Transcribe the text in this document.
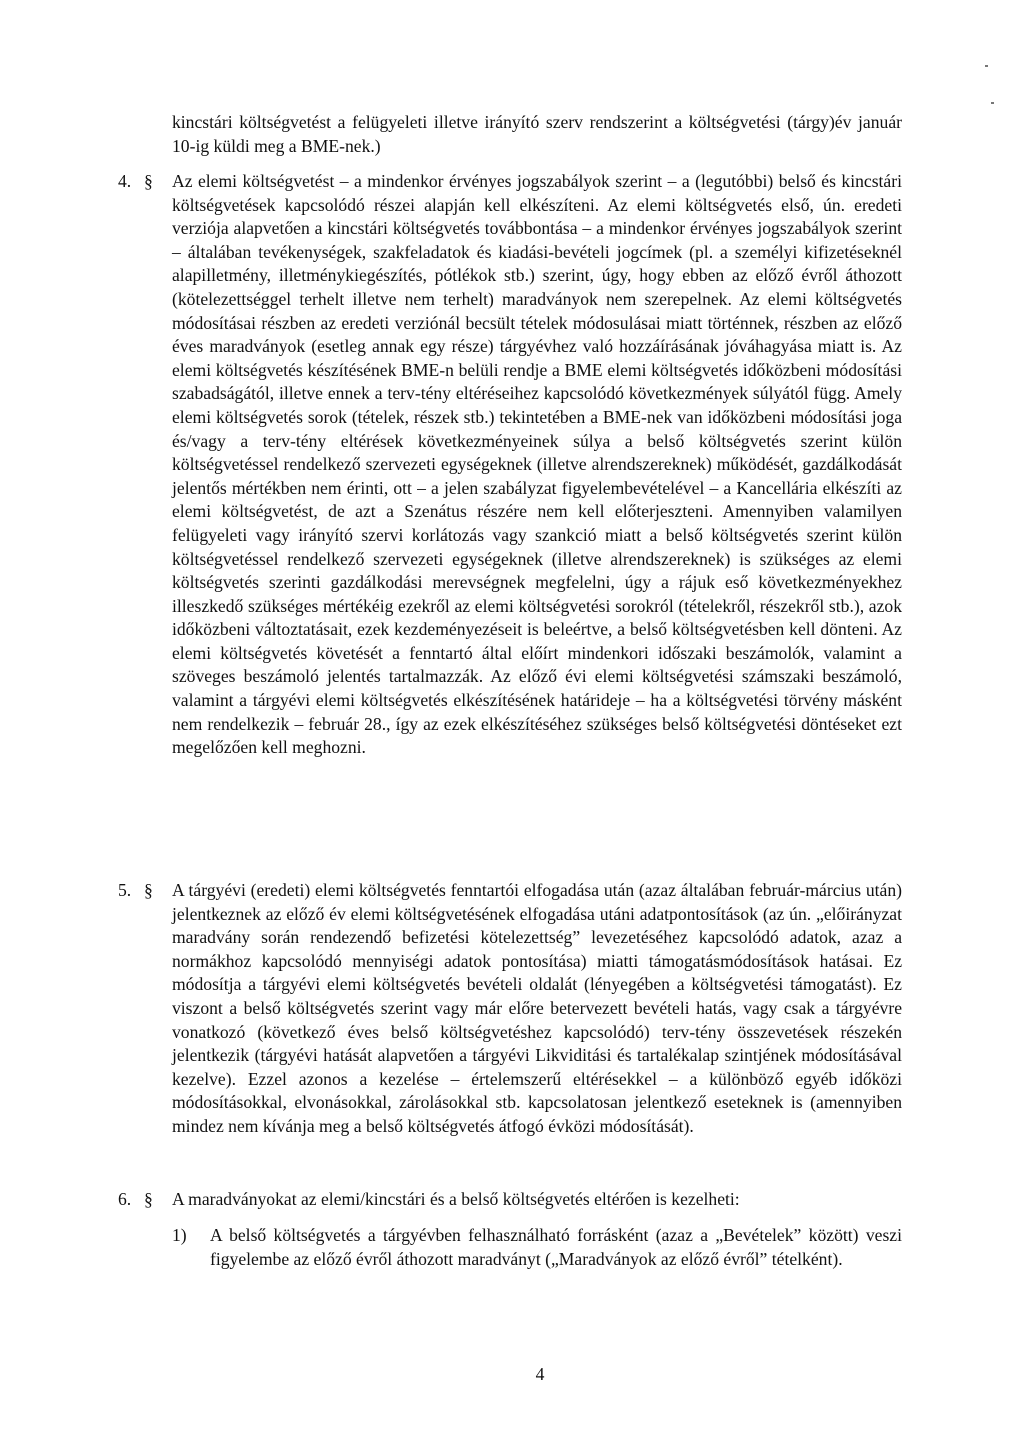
kincstári költségvetést a felügyeleti illetve irányító szerv rendszerint a költségvetési (tárgy)év január 10-ig küldi meg a BME-nek.)
4. § Az elemi költségvetést – a mindenkor érvényes jogszabályok szerint – a (legutóbbi) belső és kincstári költségvetések kapcsolódó részei alapján kell elkészíteni. Az elemi költségvetés első, ún. eredeti verziója alapvetően a kincstári költségvetés továbbontása – a mindenkor érvényes jogszabályok szerint – általában tevékenységek, szakfeladatok és kiadási-bevételi jogcímek (pl. a személyi kifizetéseknél alapilletmény, illetménykiegészítés, pótlékok stb.) szerint, úgy, hogy ebben az előző évről áthozott (kötelezettséggel terhelt illetve nem terhelt) maradványok nem szerepelnek. Az elemi költségvetés módosításai részben az eredeti verziónál becsült tételek módosulásai miatt történnek, részben az előző éves maradványok (esetleg annak egy része) tárgyévhez való hozzáírásának jóváhagyása miatt is. Az elemi költségvetés készítésének BME-n belüli rendje a BME elemi költségvetés időközbeni módosítási szabadságától, illetve ennek a terv-tény eltéréseihez kapcsolódó következmények súlyától függ. Amely elemi költségvetés sorok (tételek, részek stb.) tekintetében a BME-nek van időközbeni módosítási joga és/vagy a terv-tény eltérések következményeinek súlya a belső költségvetés szerint külön költségvetéssel rendelkező szervezeti egységeknek (illetve alrendszereknek) működését, gazdálkodását jelentős mértékben nem érinti, ott – a jelen szabályzat figyelembevételével – a Kancellária elkészíti az elemi költségvetést, de azt a Szenátus részére nem kell előterjeszteni. Amennyiben valamilyen felügyeleti vagy irányító szervi korlátozás vagy szankció miatt a belső költségvetés szerint külön költségvetéssel rendelkező szervezeti egységeknek (illetve alrendszereknek) is szükséges az elemi költségvetés szerinti gazdálkodási merevségnek megfelelni, úgy a rájuk eső következményekhez illeszkedő szükséges mértékéig ezekről az elemi költségvetési sorokról (tételekről, részekről stb.), azok időközbeni változtatásait, ezek kezdeményezéseit is beleértve, a belső költségvetésben kell dönteni. Az elemi költségvetés követését a fenntartó által előírt mindenkori időszaki beszámolók, valamint a szöveges beszámoló jelentés tartalmazzák. Az előző évi elemi költségvetési számszaki beszámoló, valamint a tárgyévi elemi költségvetés elkészítésének határideje – ha a költségvetési törvény másként nem rendelkezik – február 28., így az ezek elkészítéséhez szükséges belső költségvetési döntéseket ezt megelőzően kell meghozni.
5. § A tárgyévi (eredeti) elemi költségvetés fenntartói elfogadása után (azaz általában február-március után) jelentkeznek az előző év elemi költségvetésének elfogadása utáni adatpontosítások (az ún. „előirányzat maradvány során rendezendő befizetési kötelezettség” levezetéséhez kapcsolódó adatok, azaz a normákhoz kapcsolódó mennyiségi adatok pontosítása) miatti támogatásmódosítások hatásai. Ez módosítja a tárgyévi elemi költségvetés bevételi oldalát (lényegében a költségvetési támogatást). Ez viszont a belső költségvetés szerint vagy már előre betervezett bevételi hatás, vagy csak a tárgyévre vonatkozó (következő éves belső költségvetéshez kapcsolódó) terv-tény összevetések részekén jelentkezik (tárgyévi hatását alapvetően a tárgyévi Likviditási és tartalékalap szintjének módosításával kezelve). Ezzel azonos a kezelése – értelemszerű eltérésekkel – a különböző egyéb időközi módosításokkal, elvonásokkal, zárolásokkal stb. kapcsolatosan jelentkező eseteknek is (amennyiben mindez nem kívánja meg a belső költségvetés átfogó évközi módosítását).
6. § A maradványokat az elemi/kincstári és a belső költségvetés eltérően is kezelheti:
1) A belső költségvetés a tárgyévben felhasználható forrásként (azaz a „Bevételek” között) veszi figyelembe az előző évről áthozott maradványt („Maradványok az előző évről” tételként).
4
